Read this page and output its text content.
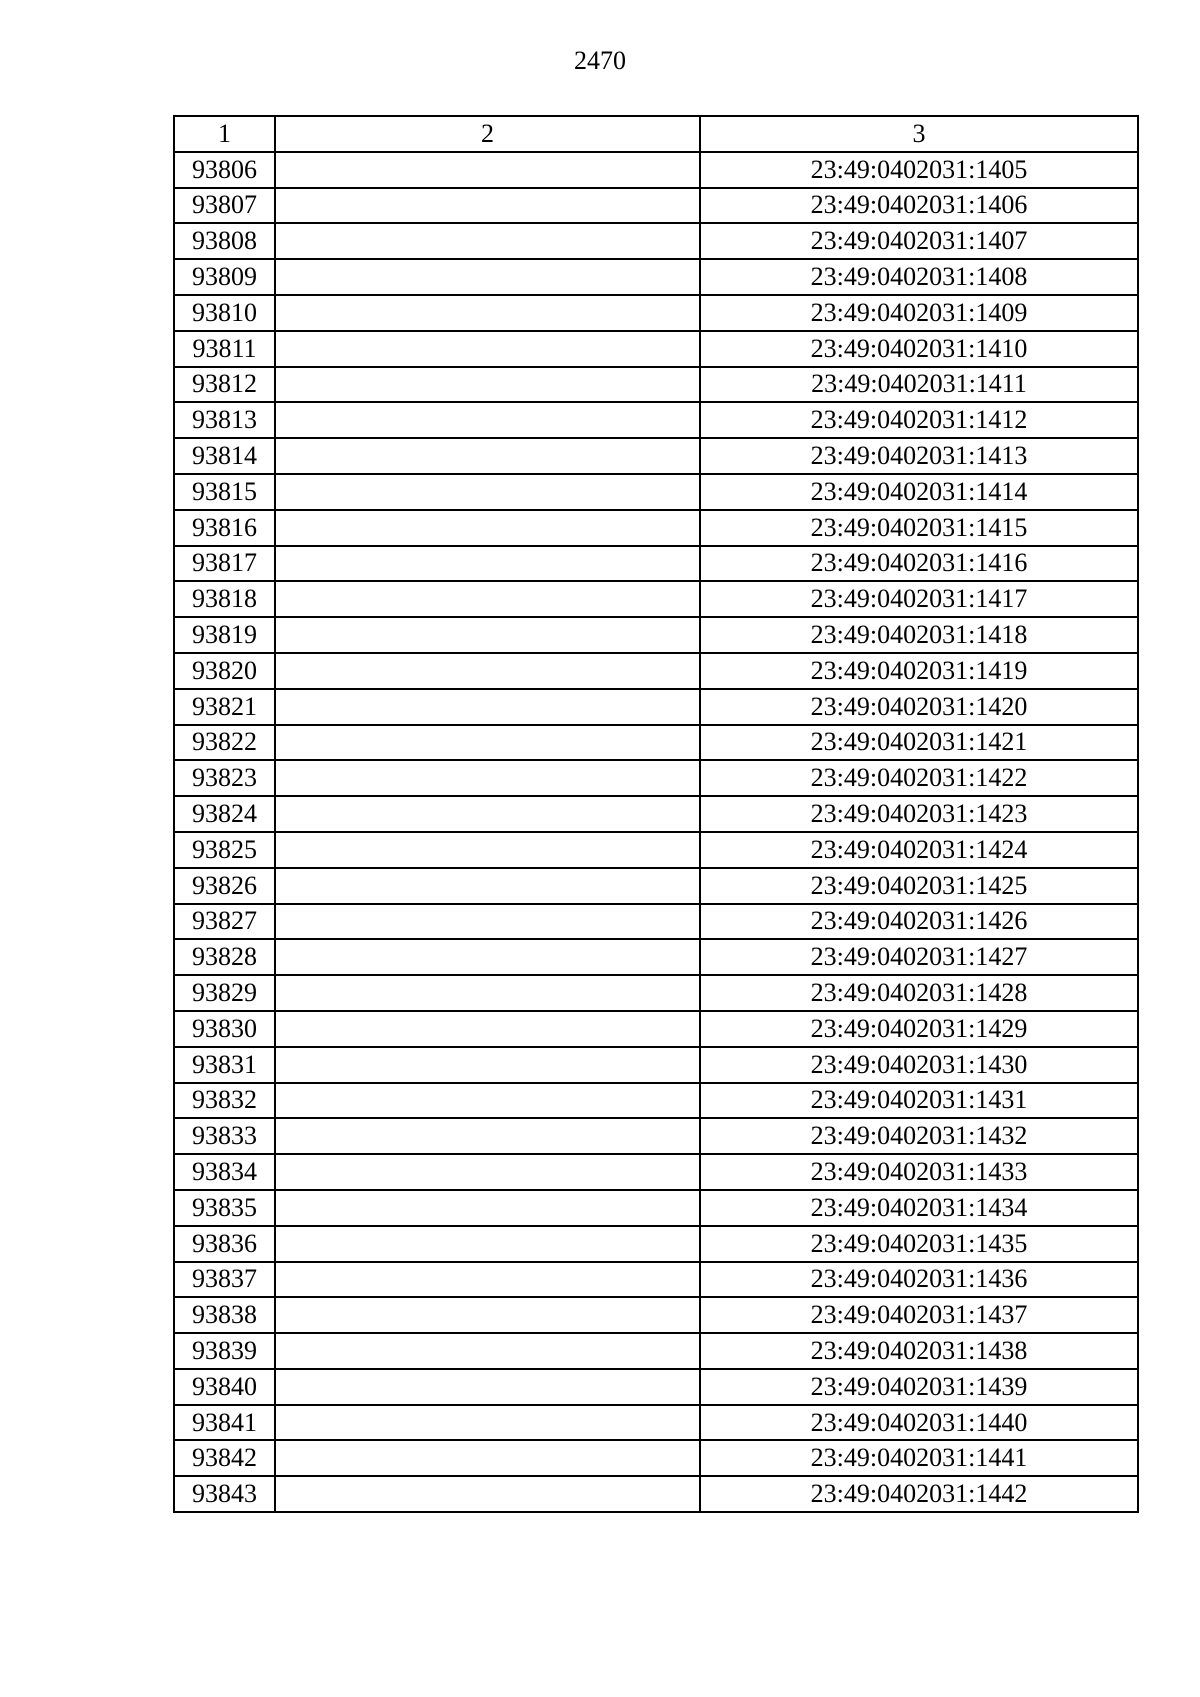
2470
1	2	3
93806		23:49:0402031:1405
93807		23:49:0402031:1406
93808		23:49:0402031:1407
93809		23:49:0402031:1408
93810		23:49:0402031:1409
93811		23:49:0402031:1410
93812		23:49:0402031:1411
93813		23:49:0402031:1412
93814		23:49:0402031:1413
93815		23:49:0402031:1414
93816		23:49:0402031:1415
93817		23:49:0402031:1416
93818		23:49:0402031:1417
93819		23:49:0402031:1418
93820		23:49:0402031:1419
93821		23:49:0402031:1420
93822		23:49:0402031:1421
93823		23:49:0402031:1422
93824		23:49:0402031:1423
93825		23:49:0402031:1424
93826		23:49:0402031:1425
93827		23:49:0402031:1426
93828		23:49:0402031:1427
93829		23:49:0402031:1428
93830		23:49:0402031:1429
93831		23:49:0402031:1430
93832		23:49:0402031:1431
93833		23:49:0402031:1432
93834		23:49:0402031:1433
93835		23:49:0402031:1434
93836		23:49:0402031:1435
93837		23:49:0402031:1436
93838		23:49:0402031:1437
93839		23:49:0402031:1438
93840		23:49:0402031:1439
93841		23:49:0402031:1440
93842		23:49:0402031:1441
93843		23:49:0402031:1442
